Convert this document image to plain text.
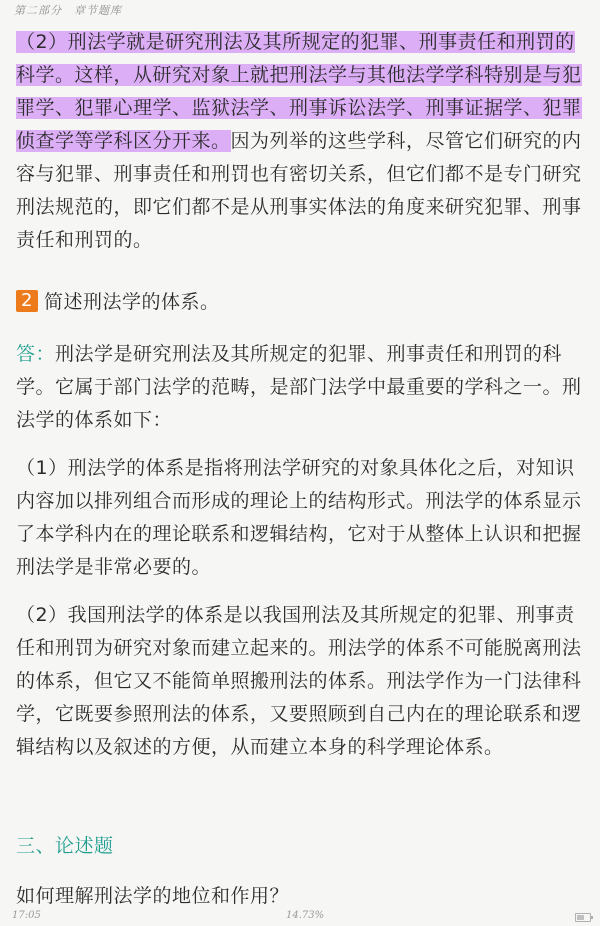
第二部分　章节题库

（2）刑法学就是研究刑法及其所规定的犯罪、刑事责任和刑罚的科学。这样，从研究对象上就把刑法学与其他法学学科特别是与犯罪学、犯罪心理学、监狱法学、刑事诉讼法学、刑事证据学、犯罪侦查学等学科区分开来。因为列举的这些学科，尽管它们研究的内容与犯罪、刑事责任和刑罚也有密切关系，但它们都不是专门研究刑法规范的，即它们都不是从刑事实体法的角度来研究犯罪、刑事责任和刑罚的。

2 简述刑法学的体系。

答：刑法学是研究刑法及其所规定的犯罪、刑事责任和刑罚的科学。它属于部门法学的范畴，是部门法学中最重要的学科之一。刑法学的体系如下：

（1）刑法学的体系是指将刑法学研究的对象具体化之后，对知识内容加以排列组合而形成的理论上的结构形式。刑法学的体系显示了本学科内在的理论联系和逻辑结构，它对于从整体上认识和把握刑法学是非常必要的。

（2）我国刑法学的体系是以我国刑法及其所规定的犯罪、刑事责任和刑罚为研究对象而建立起来的。刑法学的体系不可能脱离刑法的体系，但它又不能简单照搬刑法的体系。刑法学作为一门法律科学，它既要参照刑法的体系，又要照顾到自己内在的理论联系和逻辑结构以及叙述的方便，从而建立本身的科学理论体系。

三、论述题

如何理解刑法学的地位和作用？

17:05	14.73%
